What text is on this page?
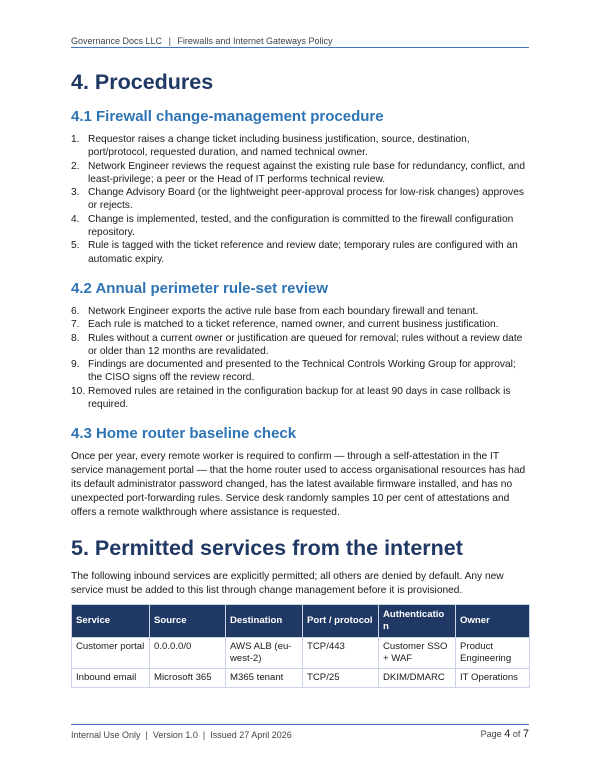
Governance Docs LLC | Firewalls and Internet Gateways Policy
4. Procedures
4.1 Firewall change-management procedure
1. Requestor raises a change ticket including business justification, source, destination, port/protocol, requested duration, and named technical owner.
2. Network Engineer reviews the request against the existing rule base for redundancy, conflict, and least-privilege; a peer or the Head of IT performs technical review.
3. Change Advisory Board (or the lightweight peer-approval process for low-risk changes) approves or rejects.
4. Change is implemented, tested, and the configuration is committed to the firewall configuration repository.
5. Rule is tagged with the ticket reference and review date; temporary rules are configured with an automatic expiry.
4.2 Annual perimeter rule-set review
6. Network Engineer exports the active rule base from each boundary firewall and tenant.
7. Each rule is matched to a ticket reference, named owner, and current business justification.
8. Rules without a current owner or justification are queued for removal; rules without a review date or older than 12 months are revalidated.
9. Findings are documented and presented to the Technical Controls Working Group for approval; the CISO signs off the review record.
10. Removed rules are retained in the configuration backup for at least 90 days in case rollback is required.
4.3 Home router baseline check

Once per year, every remote worker is required to confirm — through a self-attestation in the IT service management portal — that the home router used to access organisational resources has had its default administrator password changed, has the latest available firmware installed, and has no unexpected port-forwarding rules. Service desk randomly samples 10 per cent of attestations and offers a remote walkthrough where assistance is requested.

5. Permitted services from the internet

The following inbound services are explicitly permitted; all others are denied by default. Any new service must be added to this list through change management before it is provisioned.

Service	Source	Destination	Port / protocol	Authenticatio n	Owner
Customer portal	0.0.0.0/0	AWS ALB (eu-west-2)	TCP/443	Customer SSO + WAF	Product Engineering
Inbound email	Microsoft 365	M365 tenant	TCP/25	DKIM/DMARC	IT Operations
Internal Use Only  |  Version 1.0  |  Issued 27 April 2026	Page 4 of 7
